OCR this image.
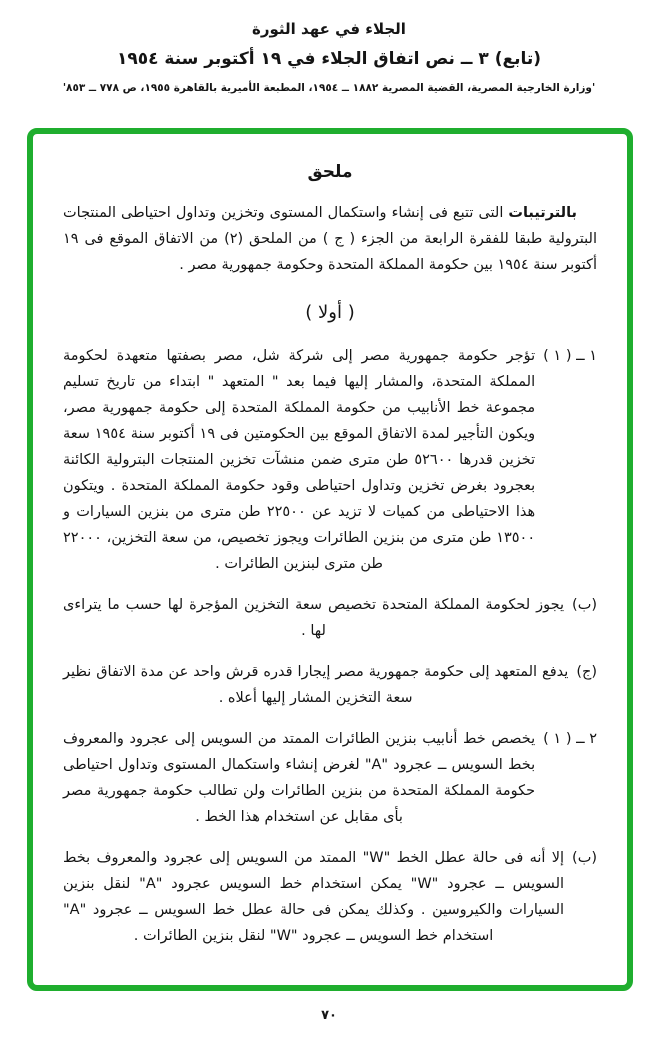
الجلاء في عهد الثورة
(تابع) ٣ ــ نص اتفاق الجلاء في ١٩ أكتوبر سنة ١٩٥٤
'وزارة الخارجية المصرية، القضية المصرية ١٨٨٢ ــ ١٩٥٤، المطبعة الأميرية بالقاهرة ١٩٥٥، ص ٧٧٨ ــ ٨٥٣'
ملحق

بالترتيبات التى تتبع فى إنشاء واستكمال المستوى وتخزين وتداول احتياطى المنتجات البترولية طبقا للفقرة الرابعة من الجزء ( ج ) من الملحق (٢) من الاتفاق الموقع فى ١٩ أكتوبر سنة ١٩٥٤ بين حكومة المملكة المتحدة وحكومة جمهورية مصر .

( أولا )
١ ــ ( ١ )
تؤجر حكومة جمهورية مصر إلى شركة شل، مصر بصفتها متعهدة لحكومة المملكة المتحدة، والمشار إليها فيما بعد " المتعهد " ابتداء من تاريخ تسليم مجموعة خط الأنابيب من حكومة المملكة المتحدة إلى حكومة جمهورية مصر، ويكون التأجير لمدة الاتفاق الموقع بين الحكومتين فى ١٩ أكتوبر سنة ١٩٥٤ سعة تخزين قدرها ٥٢٦٠٠ طن مترى ضمن منشآت تخزين المنتجات البترولية الكائنة بعجرود بغرض تخزين وتداول احتياطى وقود حكومة المملكة المتحدة . ويتكون هذا الاحتياطى من كميات لا تزيد عن ٢٢٥٠٠ طن مترى من بنزين السيارات و ١٣٥٠٠ طن مترى من بنزين الطائرات ويجوز تخصيص، من سعة التخزين، ٢٢٠٠٠ طن مترى لبنزين الطائرات .
(ب)
يجوز لحكومة المملكة المتحدة تخصيص سعة التخزين المؤجرة لها حسب ما يتراءى لها .
(ج)
يدفع المتعهد إلى حكومة جمهورية مصر إيجارا قدره قرش واحد عن مدة الاتفاق نظير سعة التخزين المشار إليها أعلاه .
٢ ــ ( ١ )
يخصص خط أنابيب بنزين الطائرات الممتد من السويس إلى عجرود والمعروف بخط السويس ــ عجرود "A" لغرض إنشاء واستكمال المستوى وتداول احتياطى حكومة المملكة المتحدة من بنزين الطائرات ولن تطالب حكومة جمهورية مصر بأى مقابل عن استخدام هذا الخط .
(ب)
إلا أنه فى حالة عطل الخط "W" الممتد من السويس إلى عجرود والمعروف بخط السويس ــ عجرود "W" يمكن استخدام خط السويس عجرود "A" لنقل بنزين السيارات والكيروسين . وكذلك يمكن فى حالة عطل خط السويس ــ عجرود "A" استخدام خط السويس ــ عجرود "W" لنقل بنزين الطائرات .
٧٠
